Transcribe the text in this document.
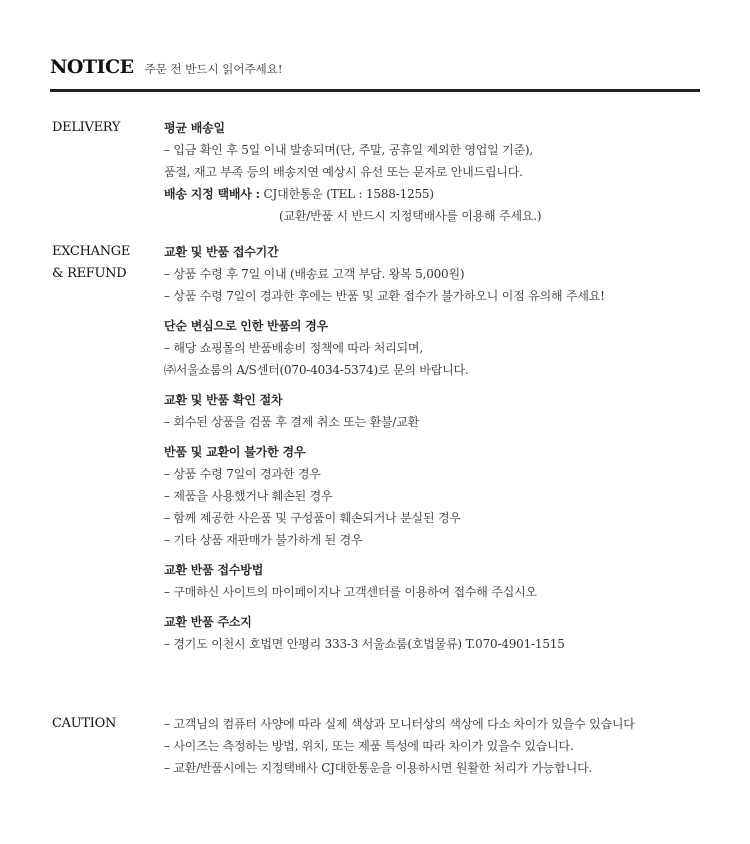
NOTICE 주문 전 반드시 읽어주세요!
DELIVERY	평균 배송일
– 입금 확인 후 5일 이내 발송되며(단, 주말, 공휴일 제외한 영업일 기준),
품절, 재고 부족 등의 배송지연 예상시 유선 또는 문자로 안내드립니다.
배송 지정 택배사 : CJ대한통운 (TEL : 1588-1255)
(교환/반품 시 반드시 지정택배사를 이용해 주세요.)
EXCHANGE
& REFUND
교환 및 반품 접수기간
– 상품 수령 후 7일 이내 (배송료 고객 부담. 왕복 5,000원)
– 상품 수령 7일이 경과한 후에는 반품 및 교환 접수가 불가하오니 이점 유의해 주세요!
단순 변심으로 인한 반품의 경우
– 해당 쇼핑몰의 반품배송비 정책에 따라 처리되며,
㈜서울쇼룸의 A/S센터(070-4034-5374)로 문의 바랍니다.
교환 및 반품 확인 절차
– 회수된 상품을 검품 후 결제 취소 또는 환불/교환
반품 및 교환이 불가한 경우
– 상품 수령 7일이 경과한 경우
– 제품을 사용했거나 훼손된 경우
– 함께 제공한 사은품 및 구성품이 훼손되거나 분실된 경우
– 기타 상품 재판매가 불가하게 된 경우
교환 반품 접수방법
– 구매하신 사이트의 마이페이지나 고객센터를 이용하여 접수해 주십시오
교환 반품 주소지
– 경기도 이천시 호법면 안평리 333-3 서울쇼룸(호법물류) T.070-4901-1515
CAUTION	– 고객님의 컴퓨터 사양에 따라 실제 색상과 모니터상의 색상에 다소 차이가 있을수 있습니다
– 사이즈는 측정하는 방법, 위치, 또는 제품 특성에 따라 차이가 있을수 있습니다.
– 교환/반품시에는 지정택배사 CJ대한통운을 이용하시면 원활한 처리가 가능합니다.
